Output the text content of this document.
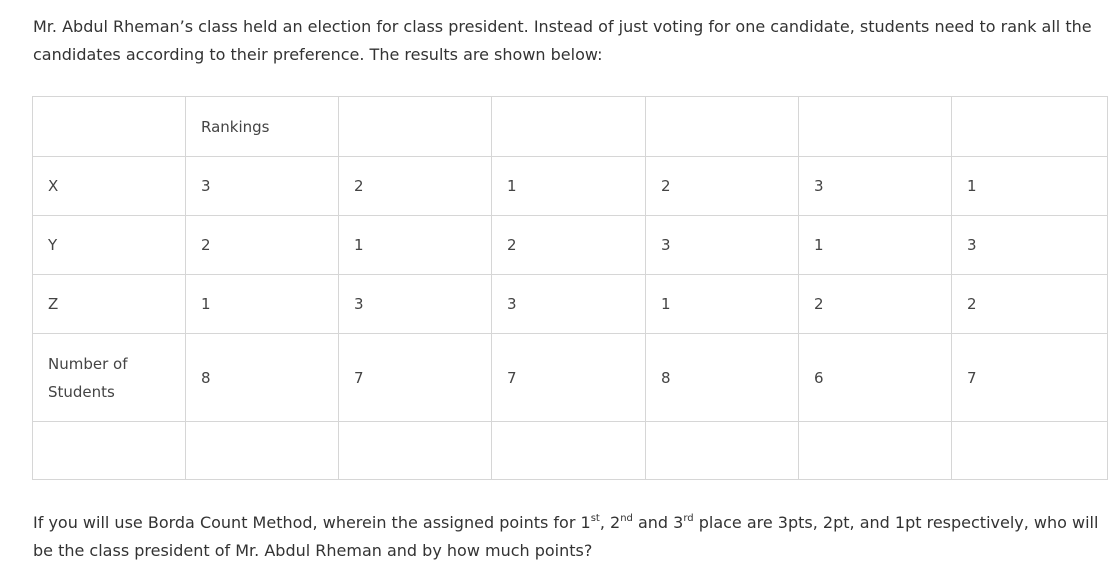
Mr. Abdul Rheman’s class held an election for class president. Instead of just voting for one candidate, students need to rank all the candidates according to their preference. The results are shown below:

	Rankings					
X	3	2	1	2	3	1
Y	2	1	2	3	1	3
Z	1	3	3	1	2	2
Number of Students	8	7	7	8	6	7

If you will use Borda Count Method, wherein the assigned points for 1st, 2nd and 3rd place are 3pts, 2pt, and 1pt respectively, who will be the class president of Mr. Abdul Rheman and by how much points?
